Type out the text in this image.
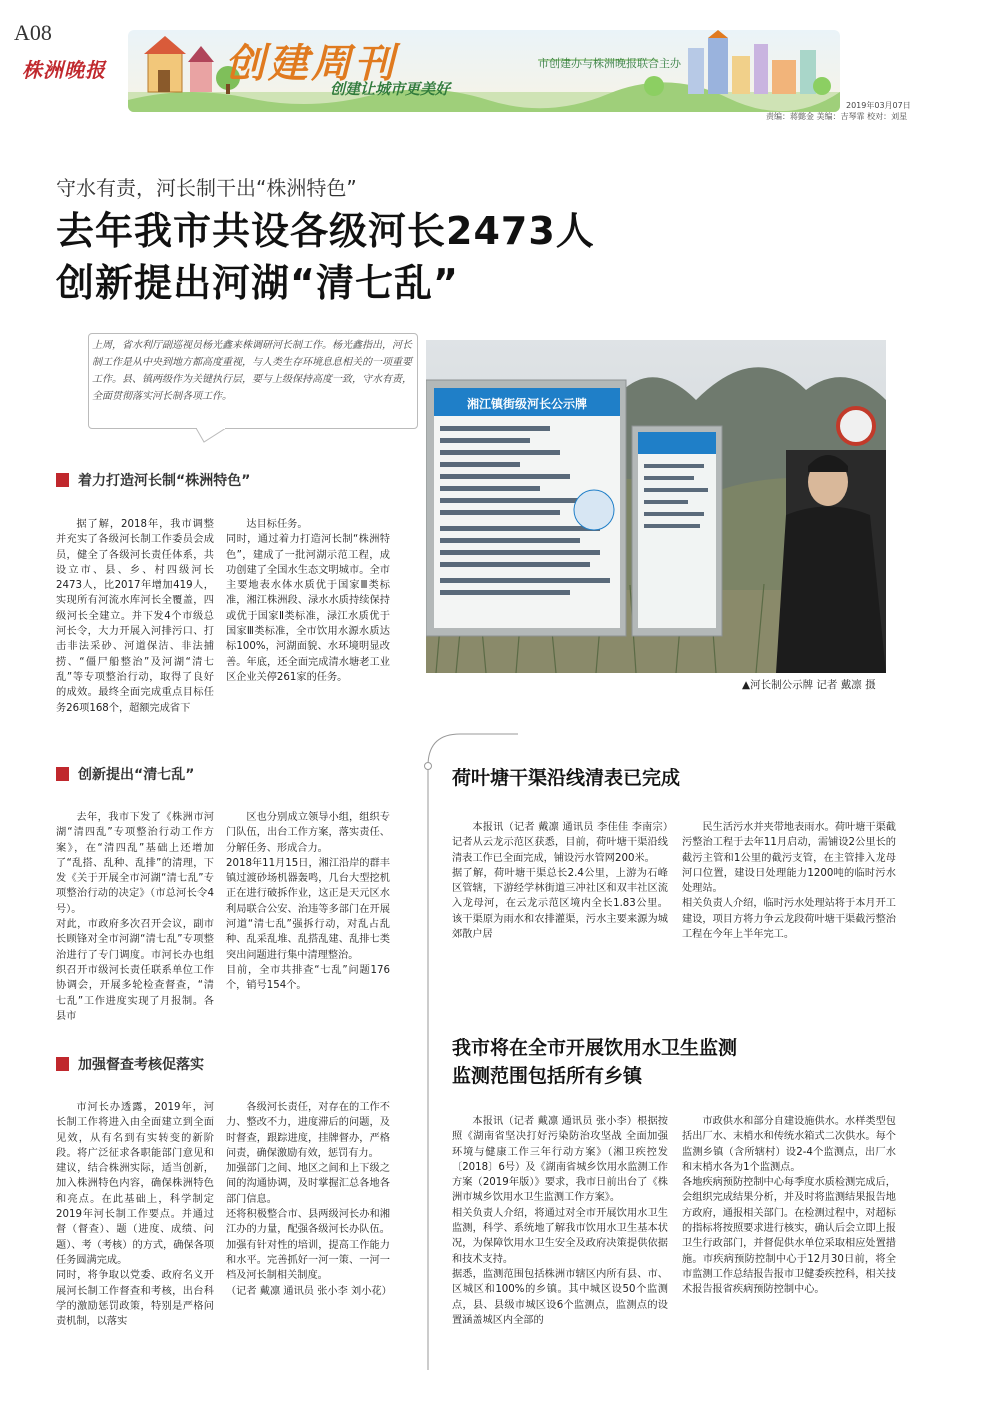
A08
株洲晚报	创建周刊
创建让城市更美好
市创建办与株洲晚报联合主办
2019年03月07日
责编：蒋懿金 美编：吉琴霏 校对：刘星
守水有责，河长制干出“株洲特色”
去年我市共设各级河长2473人
创新提出河湖“清七乱”
上周，省水利厅副巡视员杨光鑫来株调研河长制工作。杨光鑫指出，河长制工作是从中央到地方都高度重视，与人类生存环境息息相关的一项重要工作。县、镇两级作为关键执行层，要与上级保持高度一致，守水有责，全面贯彻落实河长制各项工作。
湘江镇街级河长公示牌
▲河长制公示牌 记者 戴凛 摄
着力打造河长制“株洲特色”
据了解，2018年，我市调整并充实了各级河长制工作委员会成员，健全了各级河长责任体系，共设立市、县、乡、村四级河长2473人，比2017年增加419人，实现所有河流水库河长全覆盖，四级河长全建立。并下发4个市级总河长令，大力开展入河排污口、打击非法采砂、河道保洁、非法捕捞、“僵尸船整治”及河湖“清七乱”等专项整治行动，取得了良好的成效。最终全面完成重点目标任务26项168个，超额完成省下
达目标任务。
同时，通过着力打造河长制“株洲特色”，建成了一批河湖示范工程，成功创建了全国水生态文明城市。全市主要地表水体水质优于国家Ⅲ类标准，湘江株洲段、渌水水质持续保持或优于国家Ⅱ类标准，渌江水质优于国家Ⅲ类标准，全市饮用水源水质达标100%，河湖面貌、水环境明显改善。年底，还全面完成清水塘老工业区企业关停261家的任务。
创新提出“清七乱”
去年，我市下发了《株洲市河湖“清四乱”专项整治行动工作方案》，在“清四乱”基础上还增加了“乱搭、乱种、乱排”的清理，下发《关于开展全市河湖“清七乱”专项整治行动的决定》（市总河长令4号）。
对此，市政府多次召开会议，副市长顾锋对全市河湖“清七乱”专项整治进行了专门调度。市河长办也组织召开市级河长责任联系单位工作协调会，开展多轮检查督查，“清七乱”工作进度实现了月报制。各县市
区也分别成立领导小组，组织专门队伍，出台工作方案，落实责任、分解任务、形成合力。
2018年11月15日，湘江沿岸的群丰镇过渡砂场机器轰鸣，几台大型挖机正在进行破拆作业，这正是天元区水利局联合公安、治违等多部门在开展河道“清七乱”强拆行动，对乱占乱种、乱采乱堆、乱搭乱建、乱排七类突出问题进行集中清理整治。
目前，全市共排查“七乱”问题176个，销号154个。
加强督查考核促落实
市河长办透露，2019年，河长制工作将进入由全面建立到全面见效，从有名到有实转变的新阶段。将广泛征求各职能部门意见和建议，结合株洲实际，适当创新，加入株洲特色内容，确保株洲特色和亮点。在此基础上，科学制定2019年河长制工作要点。并通过督（督查）、题（进度、成绩、问题）、考（考核）的方式，确保各项任务圆满完成。
同时，将争取以党委、政府名义开展河长制工作督查和考核，出台科学的激励惩罚政策，特别是严格问责机制，以落实
各级河长责任，对存在的工作不力、整改不力，进度滞后的问题，及时督查，跟踪进度，挂牌督办，严格问责，确保激励有效，惩罚有力。
加强部门之间、地区之间和上下级之间的沟通协调，及时掌握汇总各地各部门信息。
还将积极整合市、县两级河长办和湘江办的力量，配强各级河长办队伍。加强有针对性的培训，提高工作能力和水平。完善抓好一河一策、一河一档及河长制相关制度。
（记者 戴凛 通讯员 张小李 刘小花）
荷叶塘干渠沿线清表已完成
本报讯（记者 戴凛 通讯员 李佳佳 李南宗）记者从云龙示范区获悉，目前，荷叶塘干渠沿线清表工作已全面完成，铺设污水管网200米。
据了解，荷叶塘干渠总长2.4公里，上游为石峰区管辖，下游经学林街道三冲社区和双丰社区流入龙母河，在云龙示范区境内全长1.83公里。该干渠原为雨水和农排灌渠，污水主要来源为城郊散户居
民生活污水并夹带地表雨水。荷叶塘干渠截污整治工程于去年11月启动，需铺设2公里长的截污主管和1公里的截污支管，在主管排入龙母河口位置，建设日处理能力1200吨的临时污水处理站。
相关负责人介绍，临时污水处理站将于本月开工建设，项目方将力争云龙段荷叶塘干渠截污整治工程在今年上半年完工。
我市将在全市开展饮用水卫生监测
监测范围包括所有乡镇
本报讯（记者 戴凛 通讯员 张小李）根据按照《湖南省坚决打好污染防治攻坚战 全面加强环境与健康工作三年行动方案》（湘卫疾控发〔2018〕6号）及《湖南省城乡饮用水监测工作方案（2019年版）》要求，我市日前出台了《株洲市城乡饮用水卫生监测工作方案》。
相关负责人介绍，将通过对全市开展饮用水卫生监测，科学、系统地了解我市饮用水卫生基本状况，为保障饮用水卫生安全及政府决策提供依据和技术支持。
据悉，监测范围包括株洲市辖区内所有县、市、区城区和100%的乡镇。其中城区设50个监测点，县、县级市城区设6个监测点，监测点的设置涵盖城区内全部的
市政供水和部分自建设施供水。水样类型包括出厂水、末梢水和传统水箱式二次供水。每个监测乡镇（含所辖村）设2-4个监测点，出厂水和末梢水各为1个监测点。
各地疾病预防控制中心每季度水质检测完成后，会组织完成结果分析，并及时将监测结果报告地方政府，通报相关部门。在检测过程中，对超标的指标将按照要求进行核实，确认后会立即上报卫生行政部门，并督促供水单位采取相应处置措施。市疾病预防控制中心于12月30日前，将全市监测工作总结报告报市卫健委疾控科，相关技术报告报省疾病预防控制中心。
